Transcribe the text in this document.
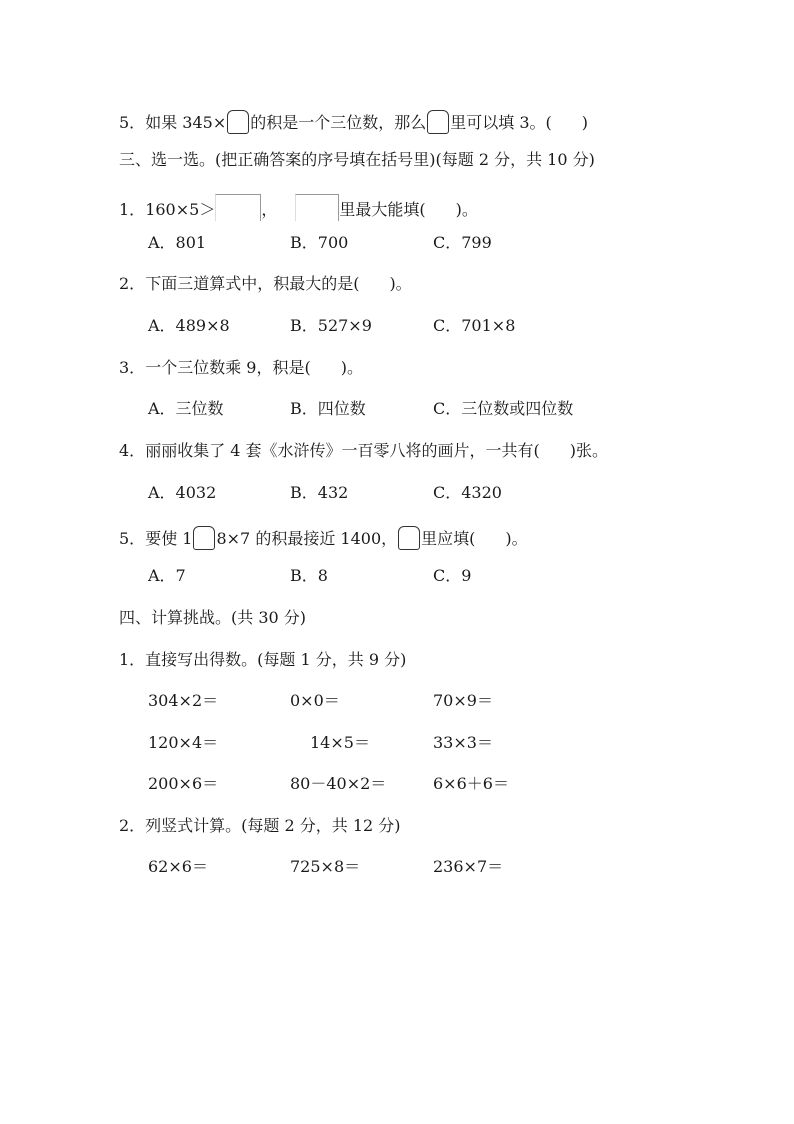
5．如果 345× 的积是一个三位数，那么 里可以填 3。( )
三、选一选。(把正确答案的序号填在括号里)(每题 2 分，共 10 分)
1．160×5＞	，	里最大能填( )。
A．801	B．700	C．799
2．下面三道算式中，积最大的是( )。
A．489×8	B．527×9	C．701×8
3．一个三位数乘 9，积是( )。
A．三位数	B．四位数	C．三位数或四位数
4．丽丽收集了 4 套《水浒传》一百零八将的画片，一共有( )张。
A．4032	B．432	C．4320
5．要使 1 8×7 的积最接近 1400， 里应填( )。
A．7	B．8	C．9
四、计算挑战。(共 30 分)
1．直接写出得数。(每题 1 分，共 9 分)
304×2＝	0×0＝	70×9＝
120×4＝	14×5＝	33×3＝
200×6＝	80－40×2＝	6×6＋6＝
2．列竖式计算。(每题 2 分，共 12 分)
62×6＝	725×8＝	236×7＝
